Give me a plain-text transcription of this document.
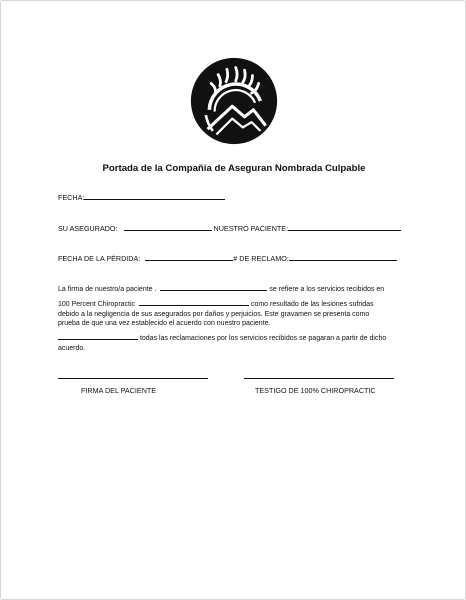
Portada de la Compañía de Aseguran Nombrada Culpable
FECHA:
SU ASEGURADO:	NUESTRO PACIENTE:
FECHA DE LA PÉRDIDA:	# DE RECLAMO:
La firma de nuestro/a paciente .	se refiere a los servicios recibidos en
100 Percent Chiropractic	como resultado de las lesiones sufridas
debido a la negligencia de sus asegurados por daños y perjuicios. Este gravamen se presenta como
prueba de que una vez establecido el acuerdo con nuestro paciente.
todas las reclamaciones por los servicios recibidos se pagaran a partir de dicho
acuerdo.
FIRMA DEL PACIENTE	TESTIGO DE 100% CHIROPRACTIC
